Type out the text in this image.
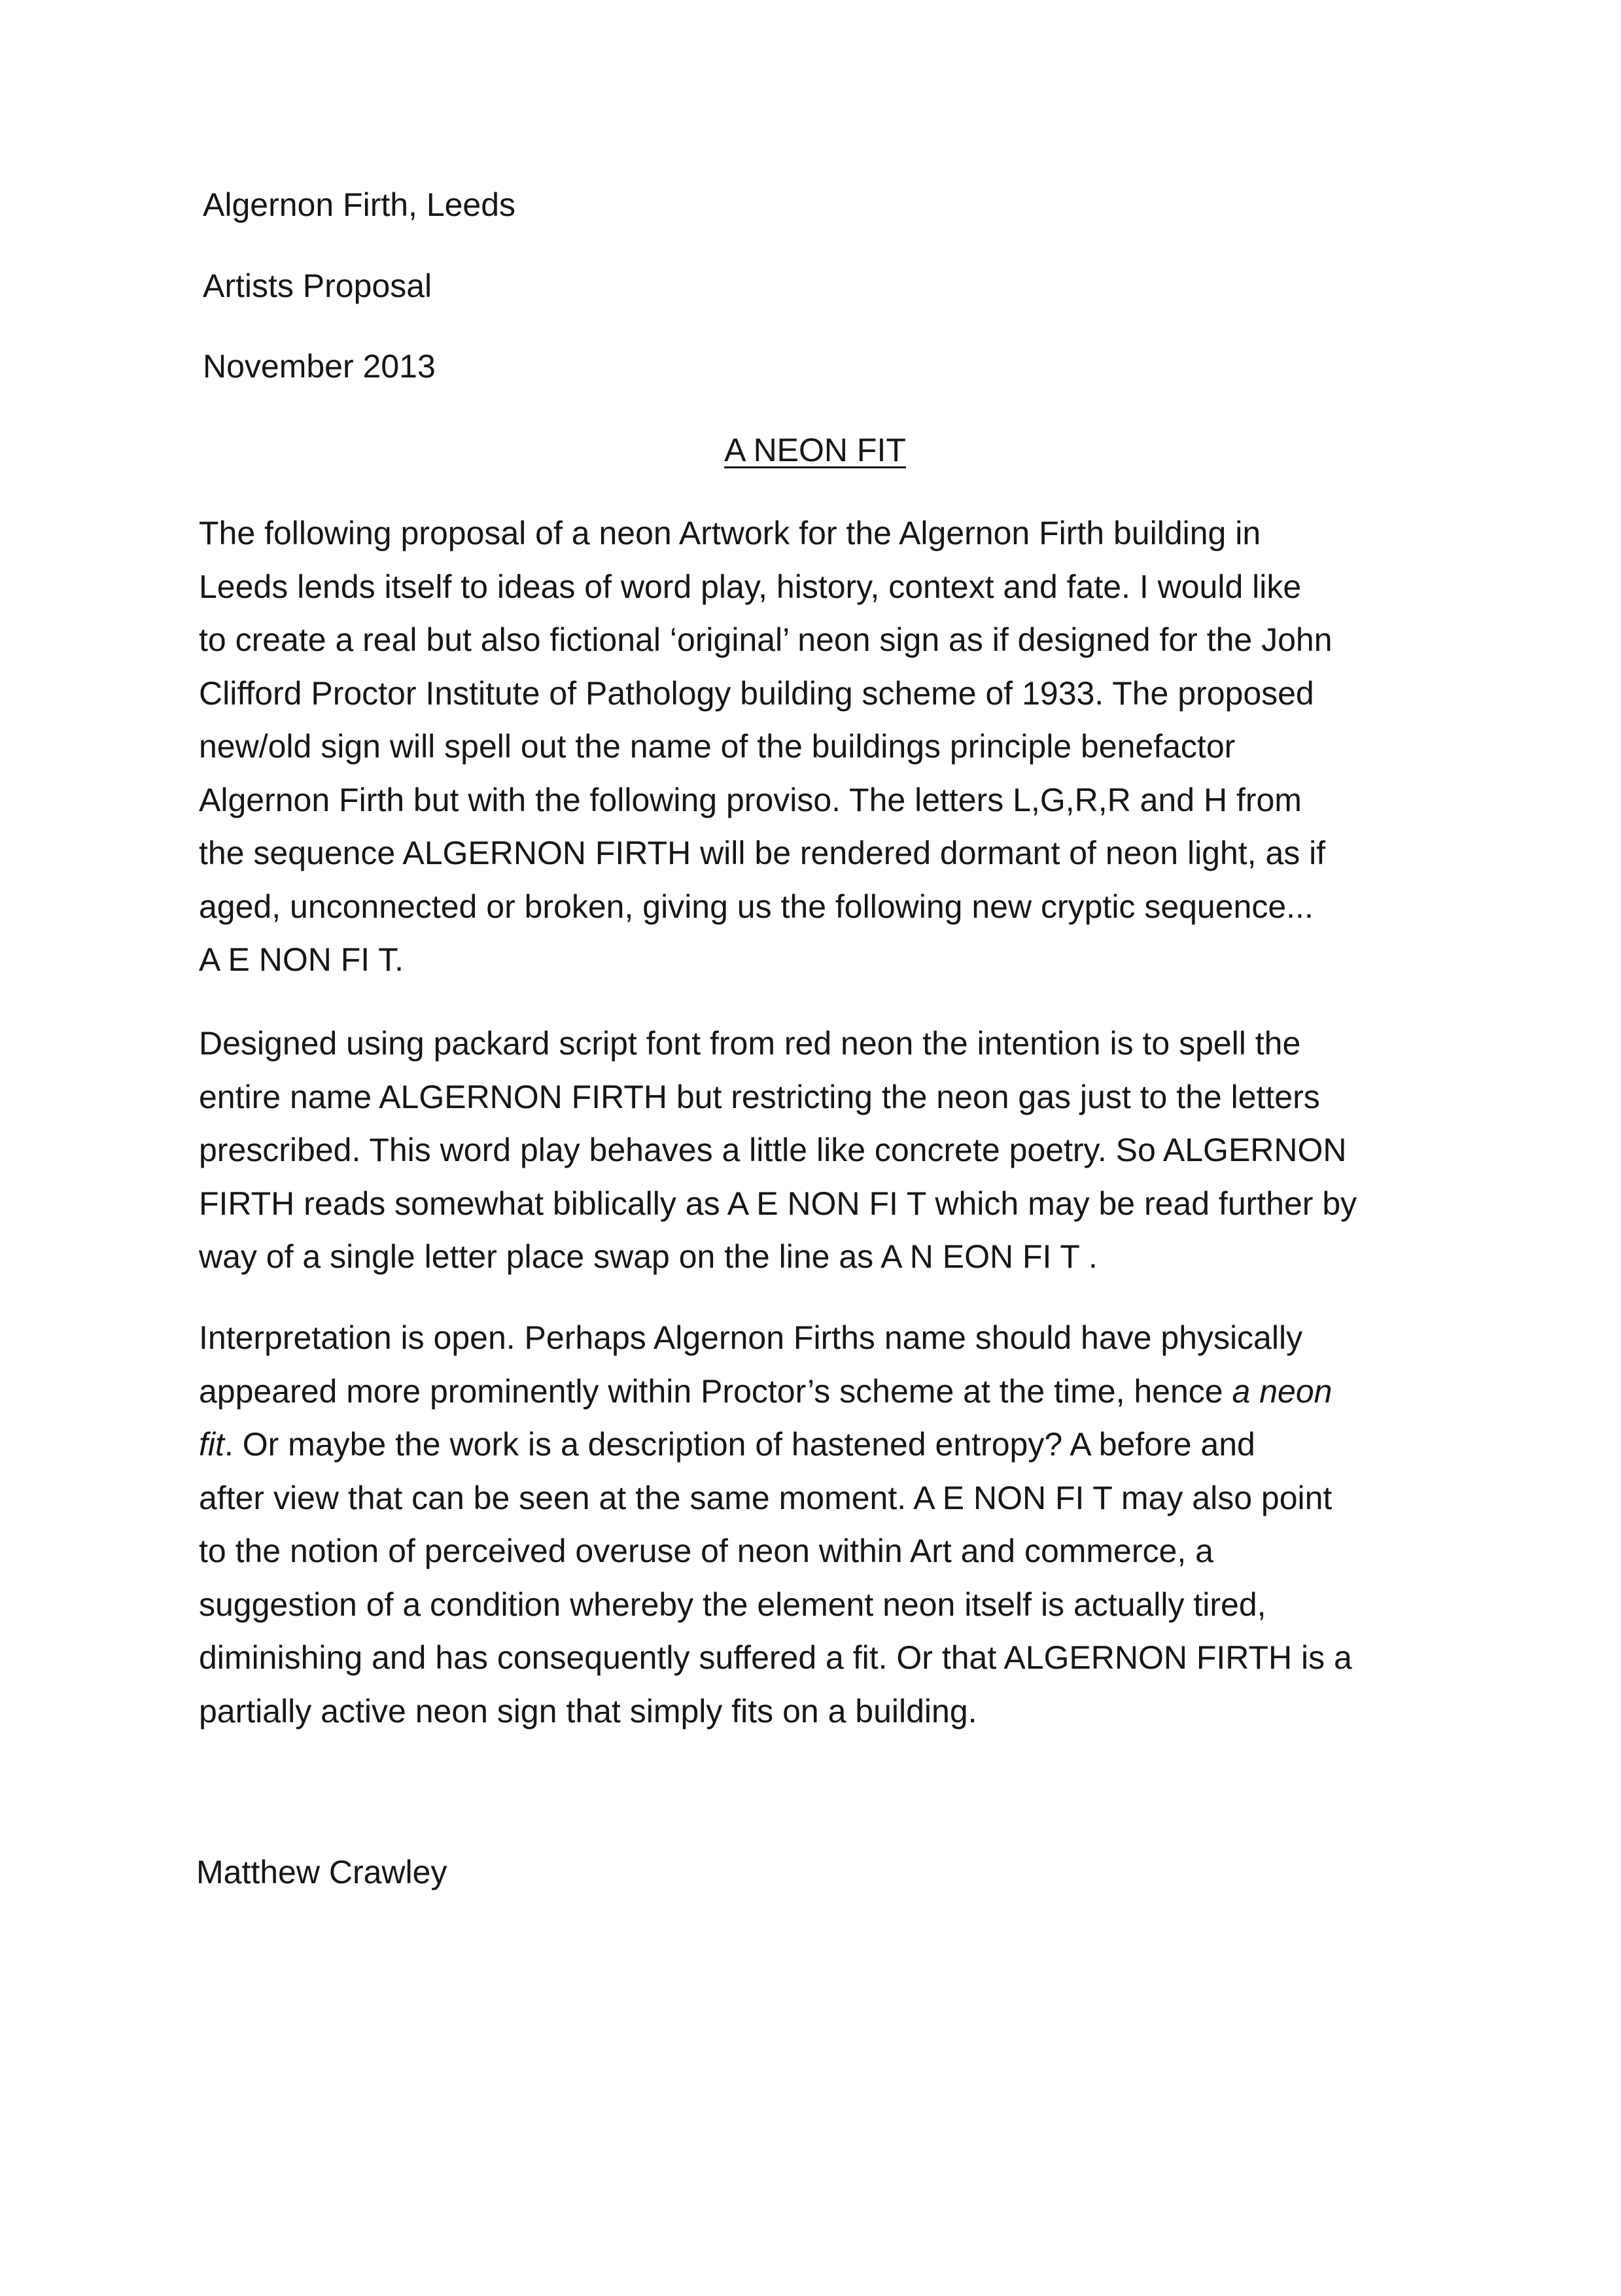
Algernon Firth, Leeds
Artists Proposal
November 2013
A NEON FIT
The following proposal of a neon Artwork for the Algernon Firth building in
Leeds lends itself to ideas of word play, history, context and fate. I would like
to create a real but also fictional ‘original’ neon sign as if designed for the John
Clifford Proctor Institute of Pathology building scheme of 1933. The proposed
new/old sign will spell out the name of the buildings principle benefactor
Algernon Firth but with the following proviso. The letters L,G,R,R and H from
the sequence ALGERNON FIRTH will be rendered dormant of neon light, as if
aged, unconnected or broken, giving us the following new cryptic sequence...
A E NON FI T.
Designed using packard script font from red neon the intention is to spell the
entire name ALGERNON FIRTH but restricting the neon gas just to the letters
prescribed. This word play behaves a little like concrete poetry. So ALGERNON
FIRTH reads somewhat biblically as A E NON FI T which may be read further by
way of a single letter place swap on the line as A N EON FI T .
Interpretation is open. Perhaps Algernon Firths name should have physically
appeared more prominently within Proctor’s scheme at the time, hence a neon
fit. Or maybe the work is a description of hastened entropy? A before and
after view that can be seen at the same moment. A E NON FI T may also point
to the notion of perceived overuse of neon within Art and commerce, a
suggestion of a condition whereby the element neon itself is actually tired,
diminishing and has consequently suffered a fit. Or that ALGERNON FIRTH is a
partially active neon sign that simply fits on a building.
Matthew Crawley
